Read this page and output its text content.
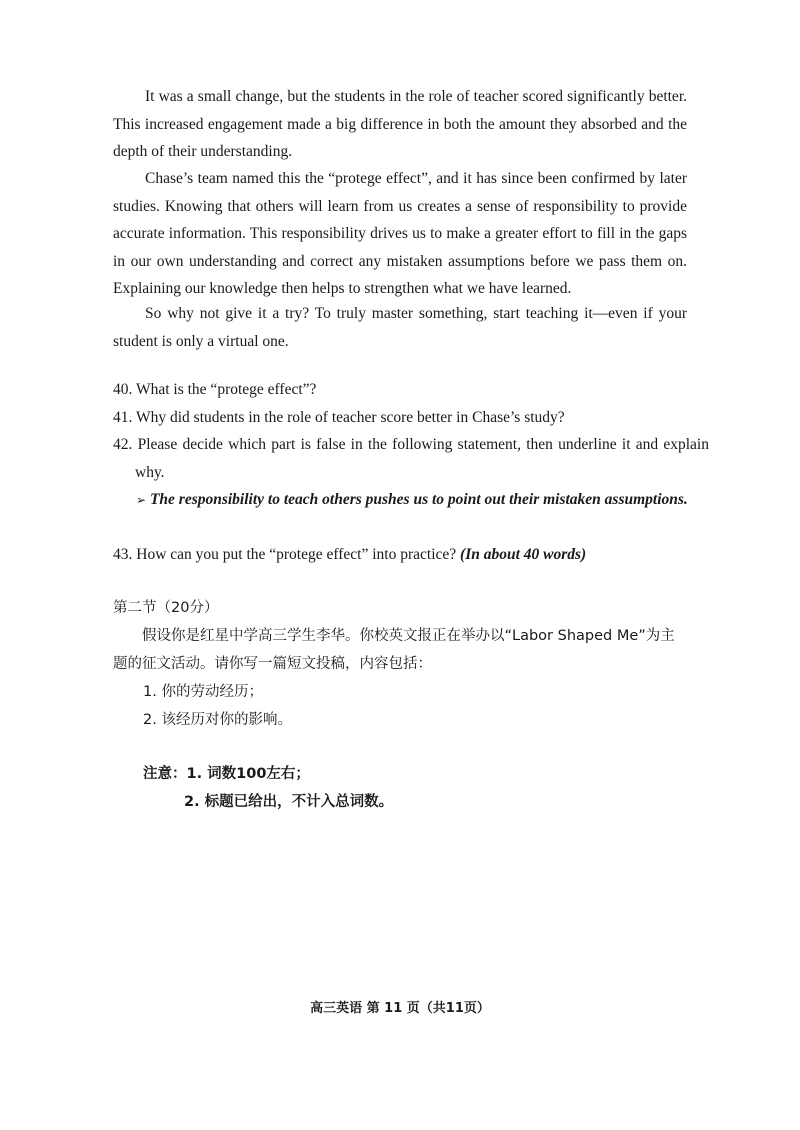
It was a small change, but the students in the role of teacher scored significantly better. This increased engagement made a big difference in both the amount they absorbed and the depth of their understanding.

Chase’s team named this the “protege effect”, and it has since been confirmed by later studies. Knowing that others will learn from us creates a sense of responsibility to provide accurate information. This responsibility drives us to make a greater effort to fill in the gaps in our own understanding and correct any mistaken assumptions before we pass them on. Explaining our knowledge then helps to strengthen what we have learned.

So why not give it a try? To truly master something, start teaching it—even if your student is only a virtual one.

40. What is the “protege effect”?

41. Why did students in the role of teacher score better in Chase’s study?

42. Please decide which part is false in the following statement, then underline it and explain why.

➢ The responsibility to teach others pushes us to point out their mistaken assumptions.

43. How can you put the “protege effect” into practice? (In about 40 words)

第二节（20分）

假设你是红星中学高三学生李华。你校英文报正在举办以“Labor Shaped Me”为主题的征文活动。请你写一篇短文投稿，内容包括：

1. 你的劳动经历；

2. 该经历对你的影响。

注意：1. 词数100左右；

2. 标题已给出，不计入总词数。

高三英语 第 11 页（共11页）
